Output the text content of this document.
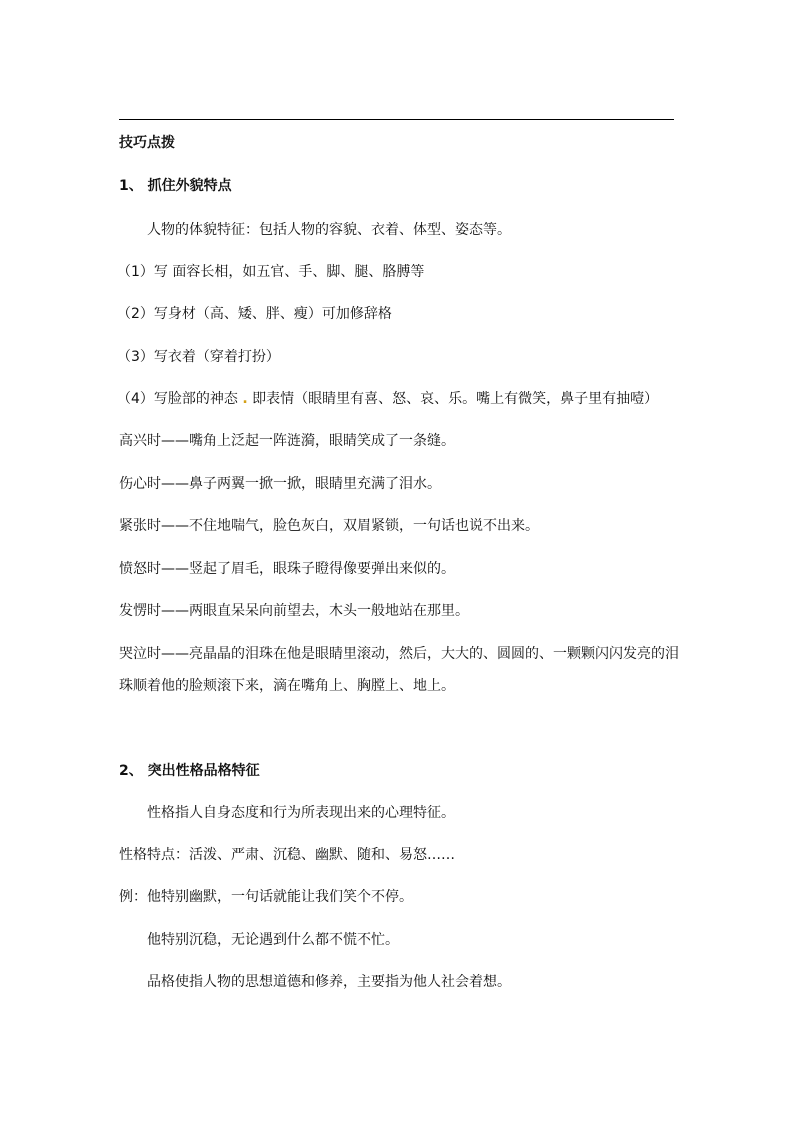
技巧点拨
1、 抓住外貌特点
人物的体貌特征：包括人物的容貌、衣着、体型、姿态等。
（1）写 面容长相，如五官、手、脚、腿、胳膊等
（2）写身材（高、矮、胖、瘦）可加修辞格
（3）写衣着（穿着打扮）
（4）写脸部的神态 . 即表情（眼睛里有喜、怒、哀、乐。嘴上有微笑，鼻子里有抽噎）
高兴时——嘴角上泛起一阵涟漪，眼睛笑成了一条缝。
伤心时——鼻子两翼一掀一掀，眼睛里充满了泪水。
紧张时——不住地喘气，脸色灰白，双眉紧锁，一句话也说不出来。
愤怒时——竖起了眉毛，眼珠子瞪得像要弹出来似的。
发愣时——两眼直呆呆向前望去，木头一般地站在那里。
哭泣时——亮晶晶的泪珠在他是眼睛里滚动，然后，大大的、圆圆的、一颗颗闪闪发亮的泪
珠顺着他的脸颊滚下来，滴在嘴角上、胸膛上、地上。
2、 突出性格品格特征
性格指人自身态度和行为所表现出来的心理特征。
性格特点：活泼、严肃、沉稳、幽默、随和、易怒……
例：他特别幽默，一句话就能让我们笑个不停。
他特别沉稳，无论遇到什么都不慌不忙。
品格使指人物的思想道德和修养，主要指为他人社会着想。
